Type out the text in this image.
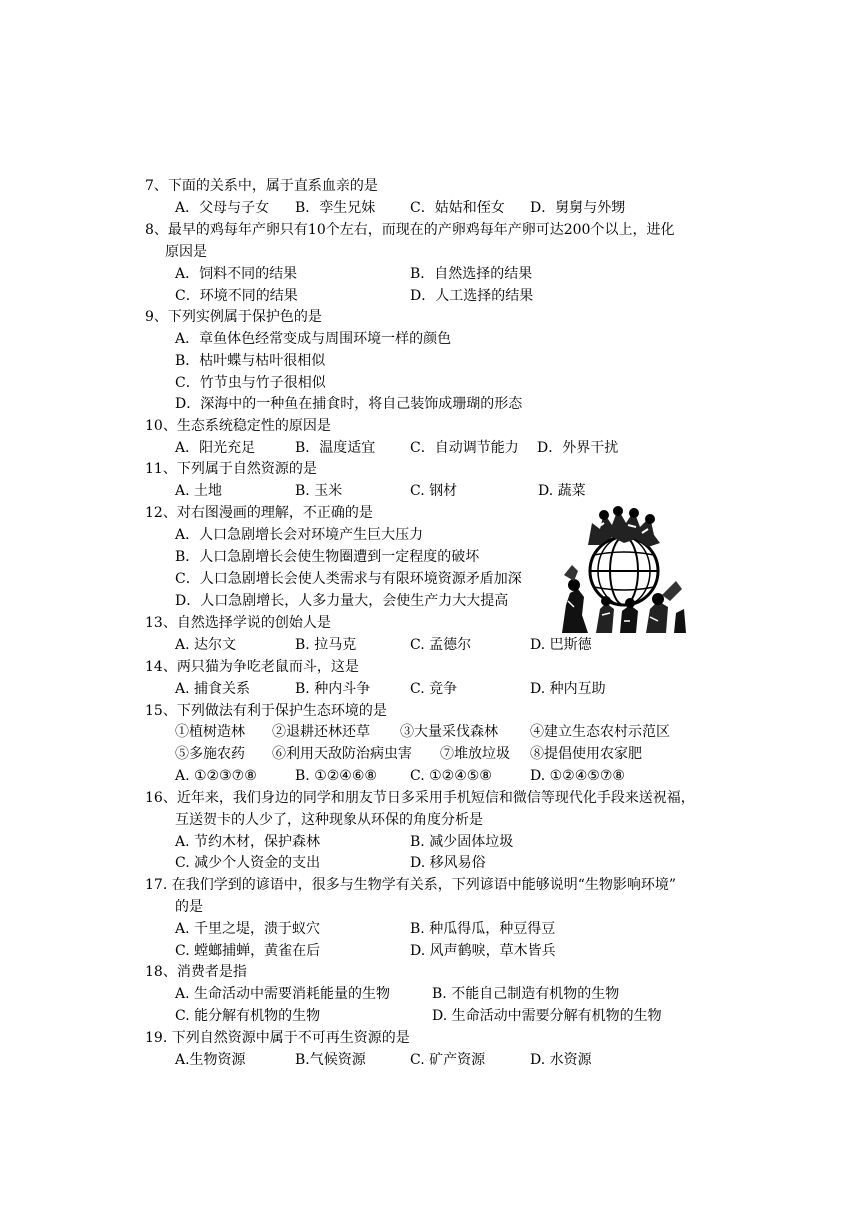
7、下面的关系中，属于直系血亲的是
A．父母与子女 B．孪生兄妹 C．姑姑和侄女 D．舅舅与外甥
8、最早的鸡每年产卵只有10个左右，而现在的产卵鸡每年产卵可达200个以上，进化
原因是
A．饲料不同的结果	B．自然选择的结果
C．环境不同的结果	D．人工选择的结果
9、下列实例属于保护色的是
A．章鱼体色经常变成与周围环境一样的颜色
B．枯叶蝶与枯叶很相似
C．竹节虫与竹子很相似
D．深海中的一种鱼在捕食时，将自己装饰成珊瑚的形态
10、生态系统稳定性的原因是
A．阳光充足	B．温度适宜 C．自动调节能力 D．外界干扰
11、下列属于自然资源的是
A. 土地	B. 玉米	C. 钢材	D. 蔬菜
12、对右图漫画的理解，不正确的是
A．人口急剧增长会对环境产生巨大压力
B．人口急剧增长会使生物圈遭到一定程度的破坏
C．人口急剧增长会使人类需求与有限环境资源矛盾加深
D．人口急剧增长，人多力量大，会使生产力大大提高
13、自然选择学说的创始人是
A. 达尔文	B. 拉马克	C. 孟德尔	D. 巴斯德
14、两只猫为争吃老鼠而斗，这是
A. 捕食关系	B. 种内斗争	C. 竞争	D. 种内互助
15、下列做法有利于保护生态环境的是
①植树造林 ②退耕还林还草 ③大量采伐森林 ④建立生态农村示范区
⑤多施农药 ⑥利用天敌防治病虫害 ⑦堆放垃圾 ⑧提倡使用农家肥
A. ①②③⑦⑧	B. ①②④⑥⑧ C. ①②④⑤⑧	D. ①②④⑤⑦⑧
16、近年来，我们身边的同学和朋友节日多采用手机短信和微信等现代化手段来送祝福，
互送贺卡的人少了，这种现象从环保的角度分析是
A. 节约木材，保护森林	B. 减少固体垃圾
C. 减少个人资金的支出	D. 移风易俗
17. 在我们学到的谚语中，很多与生物学有关系，下列谚语中能够说明“生物影响环境”
的是
A. 千里之堤，溃于蚁穴	B. 种瓜得瓜，种豆得豆
C. 螳螂捕蝉，黄雀在后	D. 风声鹤唳，草木皆兵
18、消费者是指
A. 生命活动中需要消耗能量的生物	B. 不能自己制造有机物的生物
C. 能分解有机物的生物	D. 生命活动中需要分解有机物的生物
19. 下列自然资源中属于不可再生资源的是
A.生物资源	B.气候资源	C. 矿产资源	D. 水资源
